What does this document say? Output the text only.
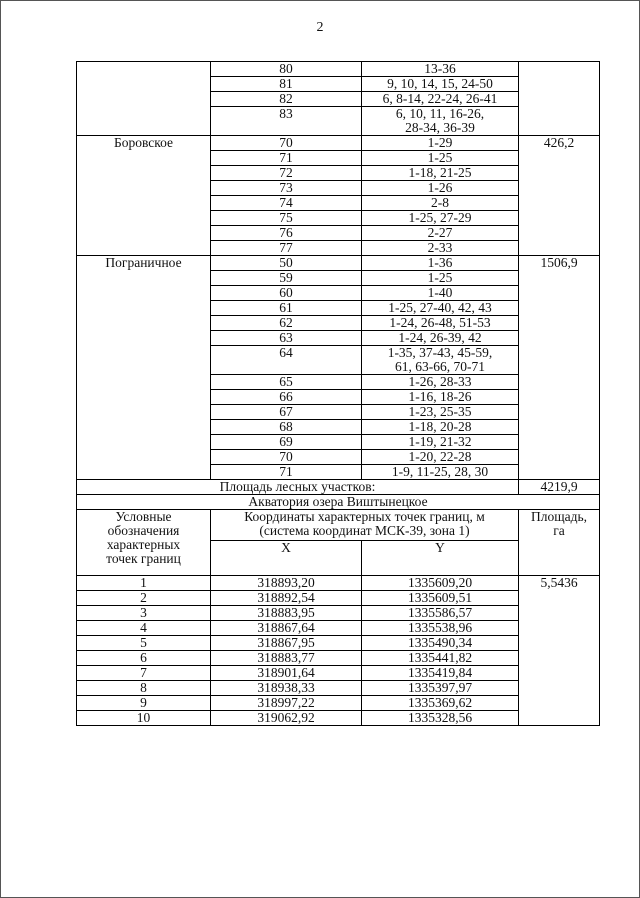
2
	80	13-36	
	81	9, 10, 14, 15, 24-50	
	82	6, 8-14, 22-24, 26-41	
	83	6, 10, 11, 16-26,
28-34, 36-39	
Боровское	70	1-29	426,2
	71	1-25	
	72	1-18, 21-25	
	73	1-26	
	74	2-8	
	75	1-25, 27-29	
	76	2-27	
	77	2-33	
Пограничное	50	1-36	1506,9
	59	1-25	
	60	1-40	
	61	1-25, 27-40, 42, 43	
	62	1-24, 26-48, 51-53	
	63	1-24, 26-39, 42	
	64	1-35, 37-43, 45-59,
61, 63-66, 70-71	
	65	1-26, 28-33	
	66	1-16, 18-26	
	67	1-23, 25-35	
	68	1-18, 20-28	
	69	1-19, 21-32	
	70	1-20, 22-28	
	71	1-9, 11-25, 28, 30	
Площадь лесных участков:			4219,9
Акватория озера Виштынецкое			
Условные
обозначения
характерных
точек границ	Координаты характерных точек границ, м
(система координат МСК-39, зона 1)		Площадь,
га
	X	Y	
1	318893,20	1335609,20	5,5436
2	318892,54	1335609,51	
3	318883,95	1335586,57	
4	318867,64	1335538,96	
5	318867,95	1335490,34	
6	318883,77	1335441,82	
7	318901,64	1335419,84	
8	318938,33	1335397,97	
9	318997,22	1335369,62	
10	319062,92	1335328,56	
